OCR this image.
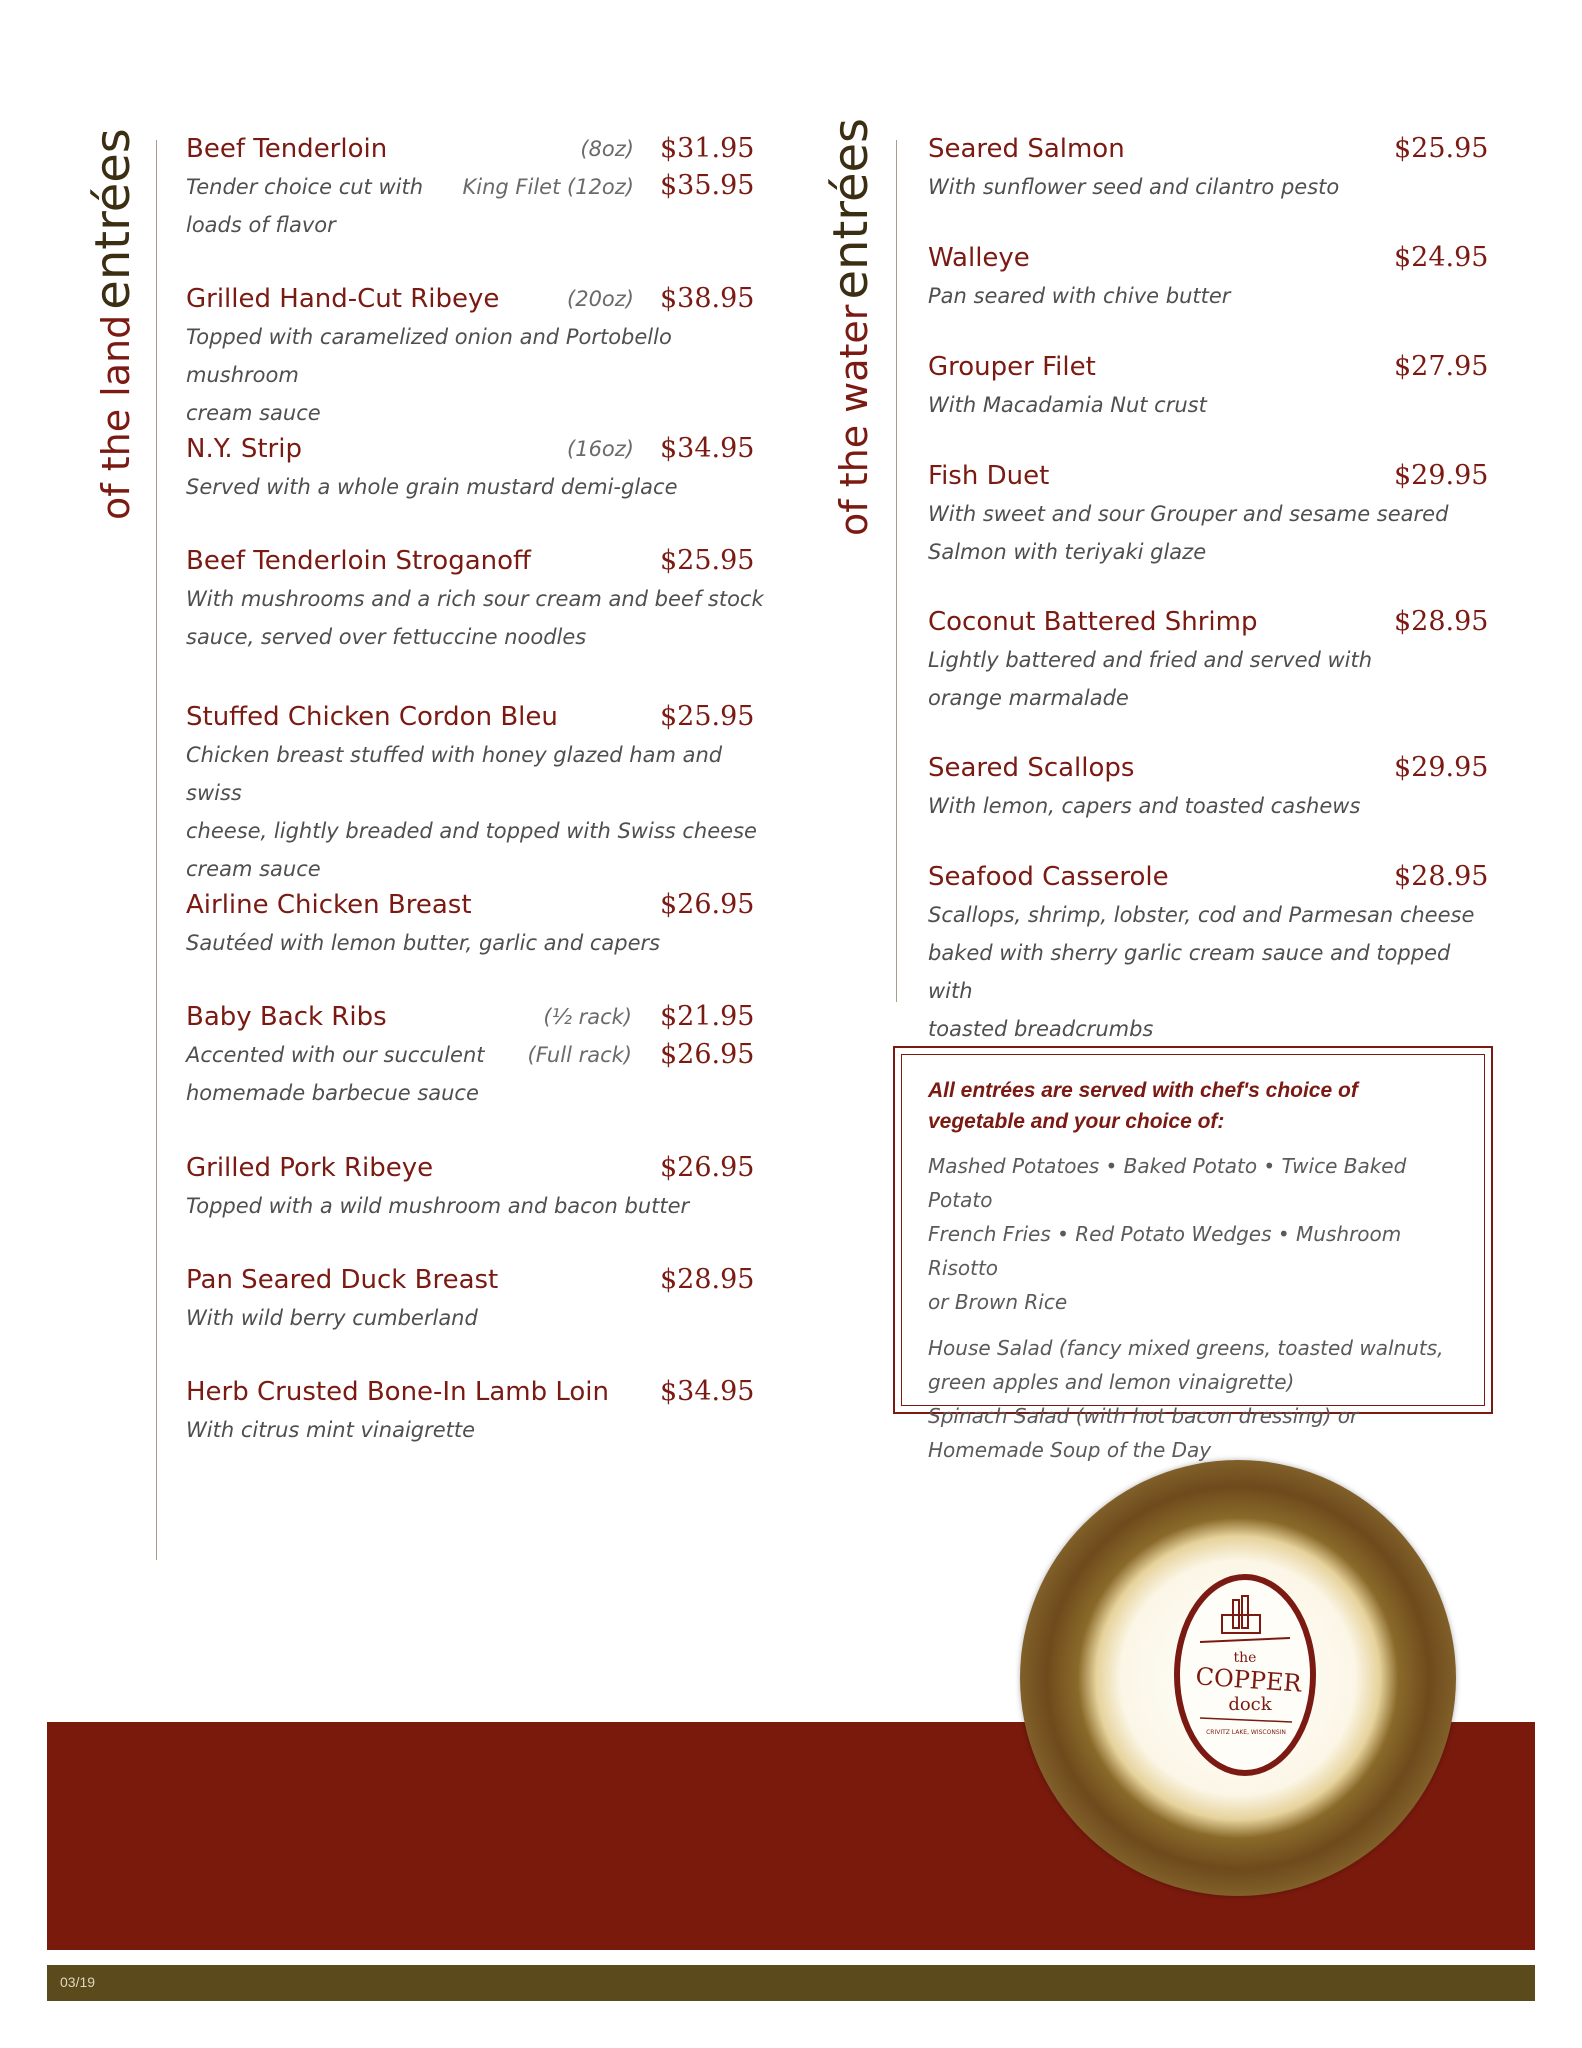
of the land entrées
of the water entrées
Beef Tenderloin
Tender choice cut with
loads of flavor
(8oz) $31.95
King Filet (12oz) $35.95
Grilled Hand-Cut Ribeye
Topped with caramelized onion and Portobello mushroom
cream sauce
(20oz) $38.95
N.Y. Strip
Served with a whole grain mustard demi-glace
(16oz) $34.95
Beef Tenderloin Stroganoff
With mushrooms and a rich sour cream and beef stock
sauce, served over fettuccine noodles
$25.95
Stuffed Chicken Cordon Bleu
Chicken breast stuffed with honey glazed ham and swiss
cheese, lightly breaded and topped with Swiss cheese
cream sauce
$25.95
Airline Chicken Breast
Sautéed with lemon butter, garlic and capers
$26.95
Baby Back Ribs
Accented with our succulent
homemade barbecue sauce
(½ rack) $21.95
(Full rack) $26.95
Grilled Pork Ribeye
Topped with a wild mushroom and bacon butter
$26.95
Pan Seared Duck Breast
With wild berry cumberland
$28.95
Herb Crusted Bone-In Lamb Loin
With citrus mint vinaigrette
$34.95
Seared Salmon
With sunflower seed and cilantro pesto
$25.95
Walleye
Pan seared with chive butter
$24.95
Grouper Filet
With Macadamia Nut crust
$27.95
Fish Duet
With sweet and sour Grouper and sesame seared
Salmon with teriyaki glaze
$29.95
Coconut Battered Shrimp
Lightly battered and fried and served with
orange marmalade
$28.95
Seared Scallops
With lemon, capers and toasted cashews
$29.95
Seafood Casserole
Scallops, shrimp, lobster, cod and Parmesan cheese
baked with sherry garlic cream sauce and topped with
toasted breadcrumbs
$28.95
All entrées are served with chef's choice of
vegetable and your choice of:
Mashed Potatoes • Baked Potato • Twice Baked Potato
French Fries • Red Potato Wedges • Mushroom Risotto
or Brown Rice
House Salad (fancy mixed greens, toasted walnuts,
green apples and lemon vinaigrette)
Spinach Salad (with hot bacon dressing) or
Homemade Soup of the Day
03/19
the
COPPER
dock
CRIVITZ LAKE, WISCONSIN
